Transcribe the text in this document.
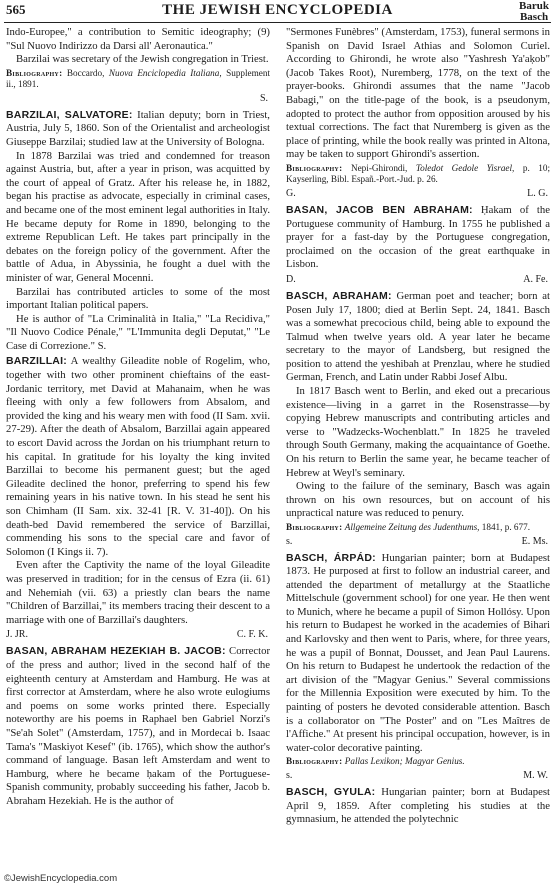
565	THE JEWISH ENCYCLOPEDIA	Baruk
Basch

Indo-Europee," a contribution to Semitic ideography; (9) "Sul Nuovo Indirizzo da Darsi all' Aeronautica."

Barzilai was secretary of the Jewish congregation in Triest.

Bibliography: Boccardo, Nuova Enciclopedia Italiana, Supplement ii., 1891.

S.

BARZILAI, SALVATORE: Italian deputy; born in Triest, Austria, July 5, 1860. Son of the Orientalist and archeologist Giuseppe Barzilai; studied law at the University of Bologna.

In 1878 Barzilai was tried and condemned for treason against Austria, but, after a year in prison, was acquitted by the court of appeal of Gratz. After his release he, in 1882, began his practise as advocate, especially in criminal cases, and became one of the most eminent legal authorities in Italy. He became deputy for Rome in 1890, belonging to the extreme Republican Left. He takes part principally in the debates on the foreign policy of the government. After the battle of Adua, in Abyssinia, he fought a duel with the minister of war, General Mocenni.

Barzilai has contributed articles to some of the most important Italian political papers.

He is author of "La Criminalità in Italia," "La Recidiva," "Il Nuovo Codice Pénale," "L'Immunita degli Deputat," "Le Case di Correzione." S.

BARZILLAI: A wealthy Gileadite noble of Rogelim, who, together with two other prominent chieftains of the east-Jordanic territory, met David at Mahanaim, when he was fleeing with only a few followers from Absalom, and provided the king and his weary men with food (II Sam. xvii. 27-29). After the death of Absalom, Barzillai again appeared to escort David across the Jordan on his triumphant return to his capital. In gratitude for his loyalty the king invited Barzillai to become his permanent guest; but the aged Gileadite declined the honor, preferring to spend his few remaining years in his native town. In his stead he sent his son Chimham (II Sam. xix. 32-41 [R. V. 31-40]). On his death-bed David remembered the service of Barzillai, commending his sons to the special care and favor of Solomon (I Kings ii. 7).

Even after the Captivity the name of the loyal Gileadite was preserved in tradition; for in the census of Ezra (ii. 61) and Nehemiah (vii. 63) a priestly clan bears the name "Children of Barzillai," its members tracing their descent to a marriage with one of Barzillai's daughters.

J. JR.	C. F. K.

BASAN, ABRAHAM HEZEKIAH B. JACOB: Corrector of the press and author; lived in the second half of the eighteenth century at Amsterdam and Hamburg. He was at first corrector at Amsterdam, where he also wrote eulogiums and poems on some works printed there. Especially noteworthy are his poems in Raphael ben Gabriel Norzi's "Se'ah Solet" (Amsterdam, 1757), and in Mordecai b. Isaac Tama's "Maskiyot Kesef" (ib. 1765), which show the author's command of language. Basan left Amsterdam and went to Hamburg, where he became ḥakam of the Portuguese-Spanish community, probably succeeding his father, Jacob b. Abraham Hezekiah. He is the author of

"Sermones Funèbres" (Amsterdam, 1753), funeral sermons in Spanish on David Israel Athias and Solomon Curiel. According to Ghirondi, he wrote also "Yashresh Ya'aḳob" (Jacob Takes Root), Nuremberg, 1778, on the text of the prayer-books. Ghirondi assumes that the name "Jacob Babagi," on the title-page of the book, is a pseudonym, adopted to protect the author from opposition aroused by his textual corrections. The fact that Nuremberg is given as the place of printing, while the book really was printed in Altona, may be taken to support Ghirondi's assertion.

Bibliography: Nepi-Ghirondi, Toledot Gedole Yisrael, p. 10; Kayserling, Bibl. Españ.-Port.-Jud. p. 26.

G.	L. G.

BASAN, JACOB BEN ABRAHAM: Ḥakam of the Portuguese community of Hamburg. In 1755 he published a prayer for a fast-day by the Portuguese congregation, proclaimed on the occasion of the great earthquake in Lisbon.

D.	A. Fe.

BASCH, ABRAHAM: German poet and teacher; born at Posen July 17, 1800; died at Berlin Sept. 24, 1841. Basch was a somewhat precocious child, being able to expound the Talmud when twelve years old. A year later he became secretary to the mayor of Landsberg, but resigned the position to attend the yeshibah at Prenzlau, where he studied German, French, and Latin under Rabbi Josef Albu.

In 1817 Basch went to Berlin, and eked out a precarious existence—living in a garret in the Rosenstrasse—by copying Hebrew manuscripts and contributing articles and verse to "Wadzecks-Wochenblatt." In 1825 he traveled through South Germany, making the acquaintance of Goethe. On his return to Berlin the same year, he became teacher of Hebrew at Weyl's seminary.

Owing to the failure of the seminary, Basch was again thrown on his own resources, but on account of his unpractical nature was reduced to penury.

Bibliography: Allgemeine Zeitung des Judenthums, 1841, p. 677.

s.	E. Ms.

BASCH, ÁRPÁD: Hungarian painter; born at Budapest 1873. He purposed at first to follow an industrial career, and attended the department of metallurgy at the Staatliche Mittelschule (government school) for one year. He then went to Munich, where he became a pupil of Simon Hollósy. Upon his return to Budapest he worked in the academies of Bihari and Karlovsky and then went to Paris, where, for three years, he was a pupil of Bonnat, Dousset, and Jean Paul Laurens. On his return to Budapest he undertook the redaction of the art division of the "Magyar Genius." Several commissions for the Millennia Exposition were executed by him. To the painting of posters he devoted considerable attention. Basch is a collaborator on "The Poster" and on "Les Maîtres de l'Affiche." At present his principal occupation, however, is in water-color decorative painting.

Bibliography: Pallas Lexikon; Magyar Genius.

s.	M. W.

BASCH, GYULA: Hungarian painter; born at Budapest April 9, 1859. After completing his studies at the gymnasium, he attended the polytechnic

©JewishEncyclopedia.com
